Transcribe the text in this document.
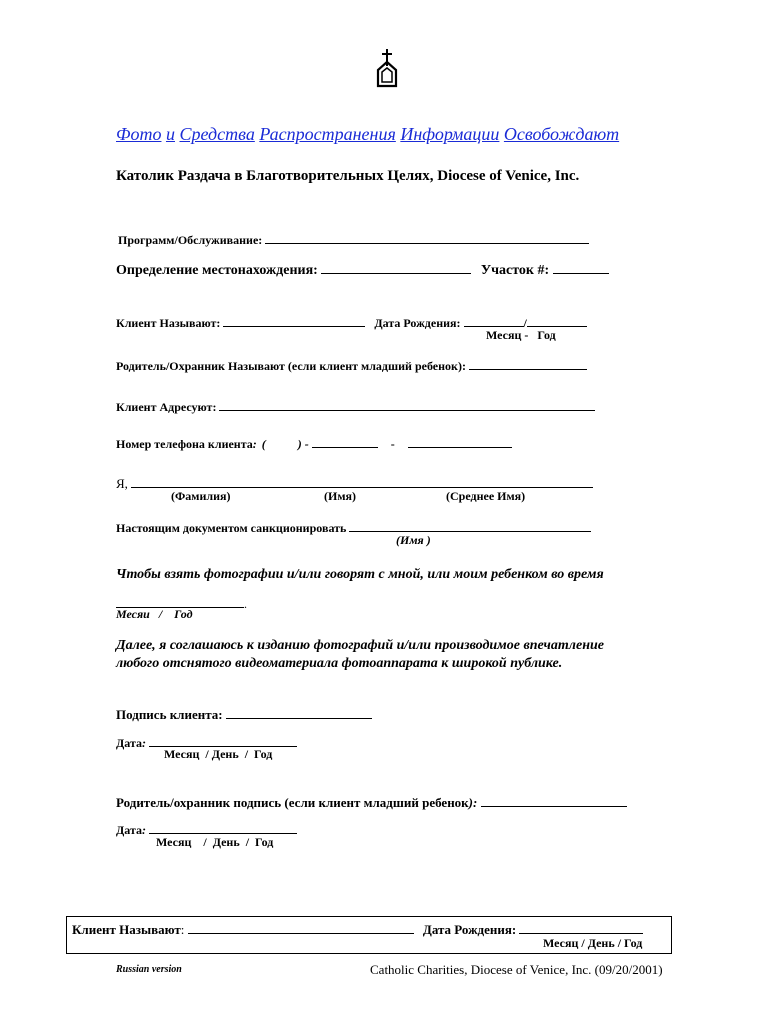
Фото и Средства Распространения Информации Освобождают
Католик Раздача в Благотворительных Целях, Diocese of Venice, Inc.
Программ/Обслуживание:
Определение местонахождения:	Участок #:
Клиент Называют:	Дата Рождения:	/
Месяц -   Год
Родитель/Охранник Называют (если клиент младший ребенок):
Клиент Адресуют:
Номер телефона клиента: (	) -	-
Я,
(Фамилия)	(Имя)	(Среднее Имя)
Настоящим документом санкционировать
(Имя )
Чтобы взять фотографии и/или говорят с мной, или моим ребенком во время
.
Месяи   /    Год
Далее, я соглашаюсь к изданию фотографий и/или производимое впечатление
любого отснятого видеоматериала фотоаппарата к широкой публике.
Подпись клиента:
Дата:
Месяц  / День  /  Год
Родитель/охранник подпись (если клиент младший ребенок):
Дата:
Месяц    /  День  /  Год
Клиент Называют:	Дата Рождения:
Месяц / День / Год
Russian version	Catholic Charities, Diocese of Venice, Inc. (09/20/2001)
